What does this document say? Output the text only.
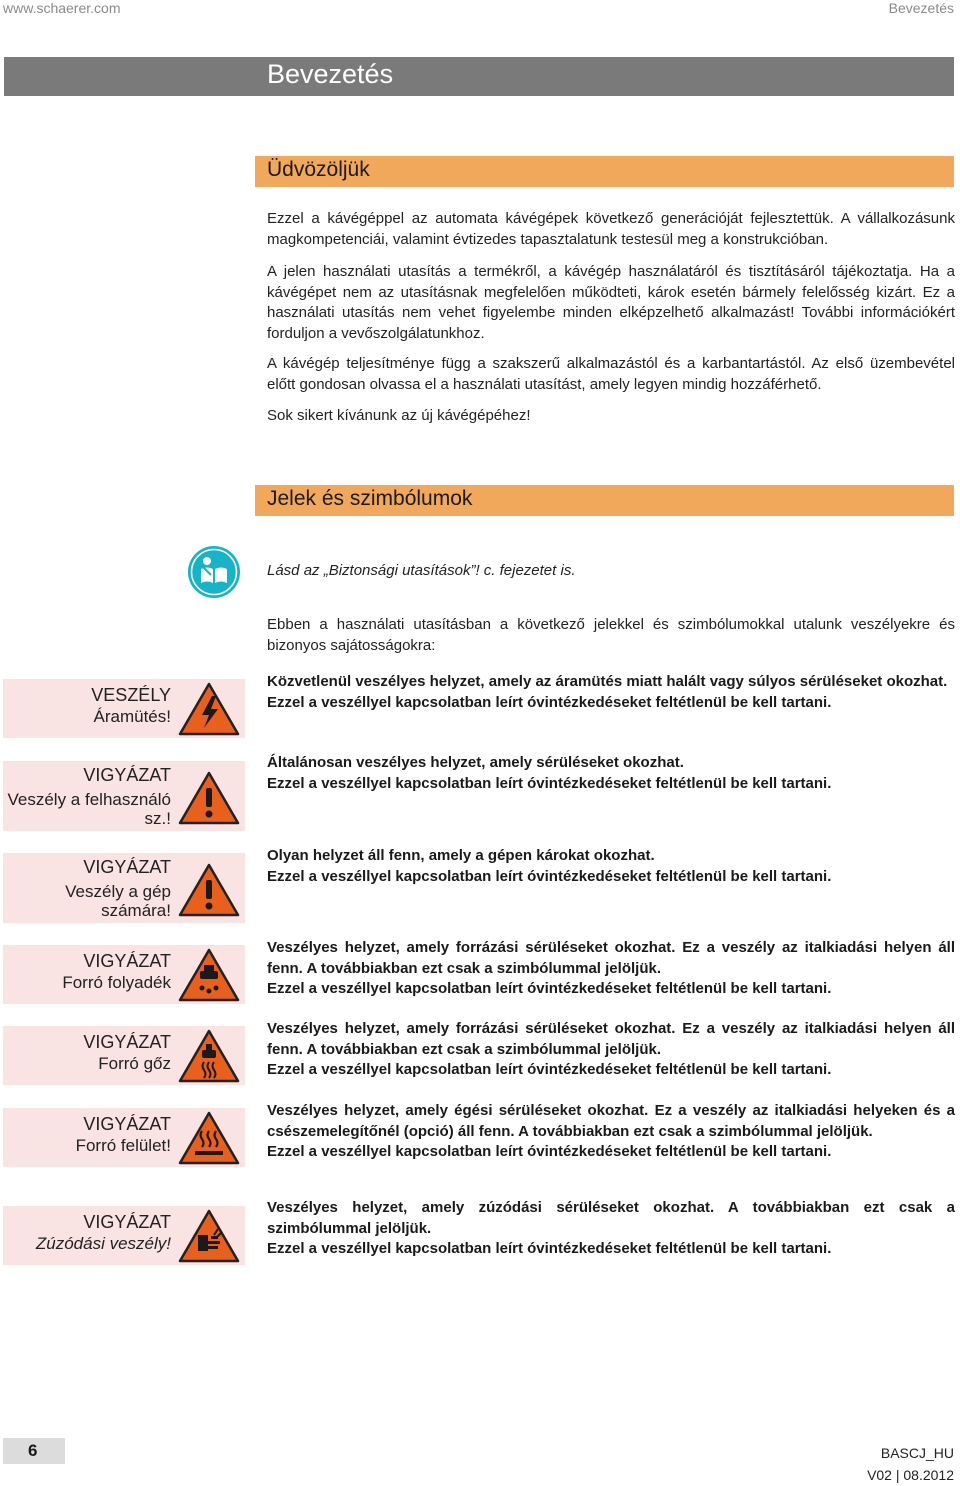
www.schaerer.com	Bevezetés
Bevezetés
Üdvözöljük
Ezzel a kávégéppel az automata kávégépek következő generációját fejlesztettük. A vállalkozásunk magkompetenciái, valamint évtizedes tapasztalatunk testesül meg a konstrukcióban.
A jelen használati utasítás a termékről, a kávégép használatáról és tisztításáról tájékoztatja. Ha a kávégépet nem az utasításnak megfelelően működteti, károk esetén bármely felelősség kizárt. Ez a használati utasítás nem vehet figyelembe minden elképzelhető alkalmazást! További információkért forduljon a vevőszolgálatunkhoz.
A kávégép teljesítménye függ a szakszerű alkalmazástól és a karbantartástól. Az első üzembevétel előtt gondosan olvassa el a használati utasítást, amely legyen mindig hozzáférhető.
Sok sikert kívánunk az új kávégépéhez!
Jelek és szimbólumok
Lásd az „Biztonsági utasítások”! c. fejezetet is.
Ebben a használati utasításban a következő jelekkel és szimbólumokkal utalunk veszélyekre és bizonyos sajátosságokra:
VESZÉLY
Áramütés!
Közvetlenül veszélyes helyzet, amely az áramütés miatt halált vagy súlyos sérüléseket okozhat.
Ezzel a veszéllyel kapcsolatban leírt óvintézkedéseket feltétlenül be kell tartani.
VIGYÁZAT
Veszély a felhasználó sz.!
Általánosan veszélyes helyzet, amely sérüléseket okozhat.
Ezzel a veszéllyel kapcsolatban leírt óvintézkedéseket feltétlenül be kell tartani.
VIGYÁZAT
Veszély a gép számára!
Olyan helyzet áll fenn, amely a gépen károkat okozhat.
Ezzel a veszéllyel kapcsolatban leírt óvintézkedéseket feltétlenül be kell tartani.
VIGYÁZAT
Forró folyadék
Veszélyes helyzet, amely forrázási sérüléseket okozhat. Ez a veszély az italkiadási helyen áll fenn. A továbbiakban ezt csak a szimbólummal jelöljük.
Ezzel a veszéllyel kapcsolatban leírt óvintézkedéseket feltétlenül be kell tartani.
VIGYÁZAT
Forró gőz
Veszélyes helyzet, amely forrázási sérüléseket okozhat. Ez a veszély az italkiadási helyen áll fenn. A továbbiakban ezt csak a szimbólummal jelöljük.
Ezzel a veszéllyel kapcsolatban leírt óvintézkedéseket feltétlenül be kell tartani.
VIGYÁZAT
Forró felület!
Veszélyes helyzet, amely égési sérüléseket okozhat. Ez a veszély az italkiadási helyeken és a csészemelegítőnél (opció) áll fenn. A továbbiakban ezt csak a szimbólummal jelöljük.
Ezzel a veszéllyel kapcsolatban leírt óvintézkedéseket feltétlenül be kell tartani.
VIGYÁZAT
Zúzódási veszély!
Veszélyes helyzet, amely zúzódási sérüléseket okozhat. A továbbiakban ezt csak a szimbólummal jelöljük.
Ezzel a veszéllyel kapcsolatban leírt óvintézkedéseket feltétlenül be kell tartani.
6	BASCJ_HU
V02 | 08.2012
